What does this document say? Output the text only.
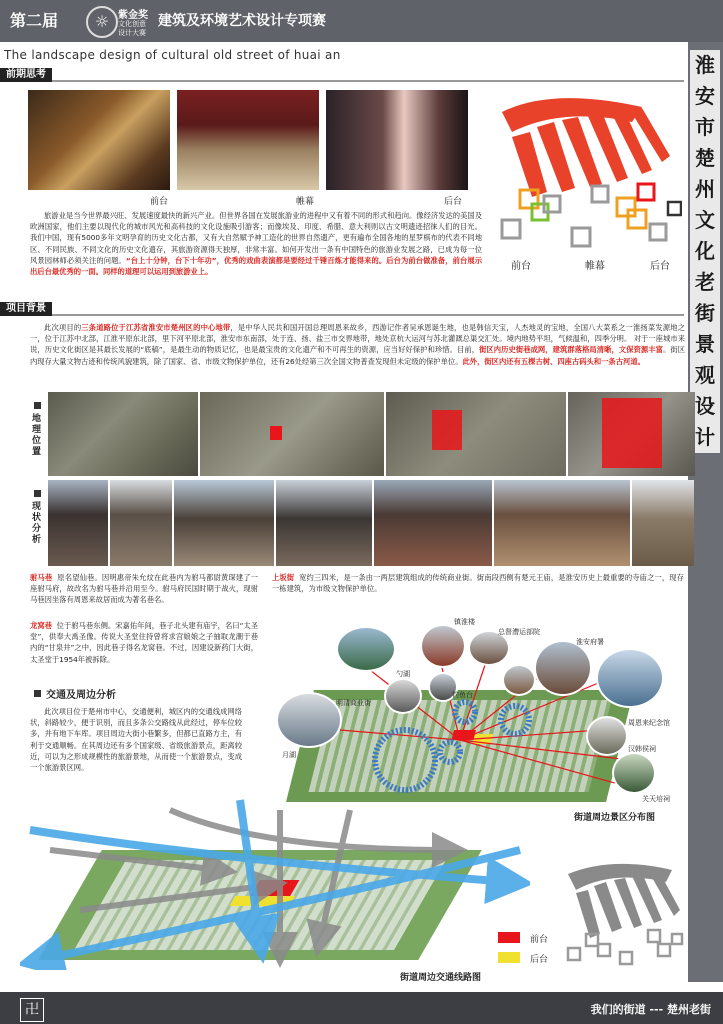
第二届	☼ 紫金奖
文化创意
设计大赛
建筑及环境艺术设计专项赛
The landscape design of cultural old street of huai an	淮
安
市
楚
州
文
化
老
街
景
观
设
计
前期思考
前台	帷幕	后台
旅游业是当今世界最兴旺、发展速度最快的新兴产业。但世界各国在发展旅游业的进程中又有着不同的形式和趋向。像经济发达的美国及欧洲国家，他们主要以现代化的城市风光和高科技的文化设施吸引游客；而像埃及、印度、希腊、意大利则以古文明遗迹招徕人们的目光。我们中国，现有5000多年文明孕育的历史文化古都，又有大自然赋予神工造化的世界自然遗产，更有遍布全国各地的星罗棋布的代表不同地区、不同民族、不同文化的历史文化遗存，其旅游资源得天独厚，非常丰富。如何开发出一条有中国特色的旅游业发展之路，已成为每一位风景园林师必须关注的问题。“台上十分钟，台下十年功”，优秀的戏曲表演都是要经过千锤百炼才能得来的。后台为前台做准备，前台展示出后台最优秀的一面。同样的道理可以运用到旅游业上。	前台	帷幕	后台
项目背景
此次项目的三条道路位于江苏省淮安市楚州区的中心地带，是中华人民共和国开国总理周恩来故乡，西游记作者吴承恩诞生地，也是韩信天宝，人杰地灵的宝地，全国八大菜系之一淮扬菜发源地之一，位于江苏中北部，江淮平原东北部，里下河平原北部，淮安市东南部，处于连、扬、盐三市交界地带，地处京杭大运河与苏北灌溉总渠交汇处。境内地势平坦，气候温和，四季分明。 对于一座城市来说，历史文化街区是其最长发展的“底稿”，是最生动的物质记忆，也是最宝贵的文化遗产和不可再生的资源，应当好好保护和珍惜。目前，街区内历史街巷成网，建筑群落格局清晰，文保资源丰富。街区内现存大量文物古迹和传统风貌建筑，除了国家、省、市级文物保护单位，还有26处经第三次全国文物普查发现但未定级的保护单位。此外，街区内还有五棵古树、四座古码头和一条古河道。
地理位置
现状分析
驸马巷 原名望仙巷。因明惠帝朱允炆在此巷内为驸马都尉黄琛建了一座驸马府，故改名为驸马巷并沿用至今。驸马府民国时期于战火，现驸马巷因坐落有周恩来故居而成为著名巷名。
龙窝巷 位于驸马巷东侧。宋嘉佑年间，巷子北头建有庙宇，名曰“太圣堂”，供奉大禹圣像。传说大圣堂住持曾将求宫娘娘之子抽取龙潮于巷内的“甘泉井”之中，因此巷子得名龙窝巷。不过，因建设新药门大街，太圣堂于1954年被拆除。
上坂街 宽约三四米，是一条由一两层建筑组成的传统商业街。街南段西侧有楚元王庙，是淮安历史上最重要的寺庙之一，现存一栋建筑，为市级文物保护单位。
交通及周边分析
此次项目位于楚州市中心，交通便利，城区内的交通线成网络状，斜路较少，便于识别，而且多条公交路线从此经过，停车位较多，并有地下车库。项目周边大街小巷繁多，但都已直路方主，有利于交通顺畅。在其周边还有多个国家级、省级旅游景点，距离较近，可以为之形成规模性的旅游景地，从而使一个旅游景点，变成一个旅游景区网。
镇淮楼
总督漕运部院
淮安府署
勺湖
钓鱼台
明清商业街
月湖
周恩来纪念馆
汉韩侯祠
关天培祠
街道周边景区分布图
前台
后台
街道周边交通线路图
我们的街道 --- 楚州老街
卍
